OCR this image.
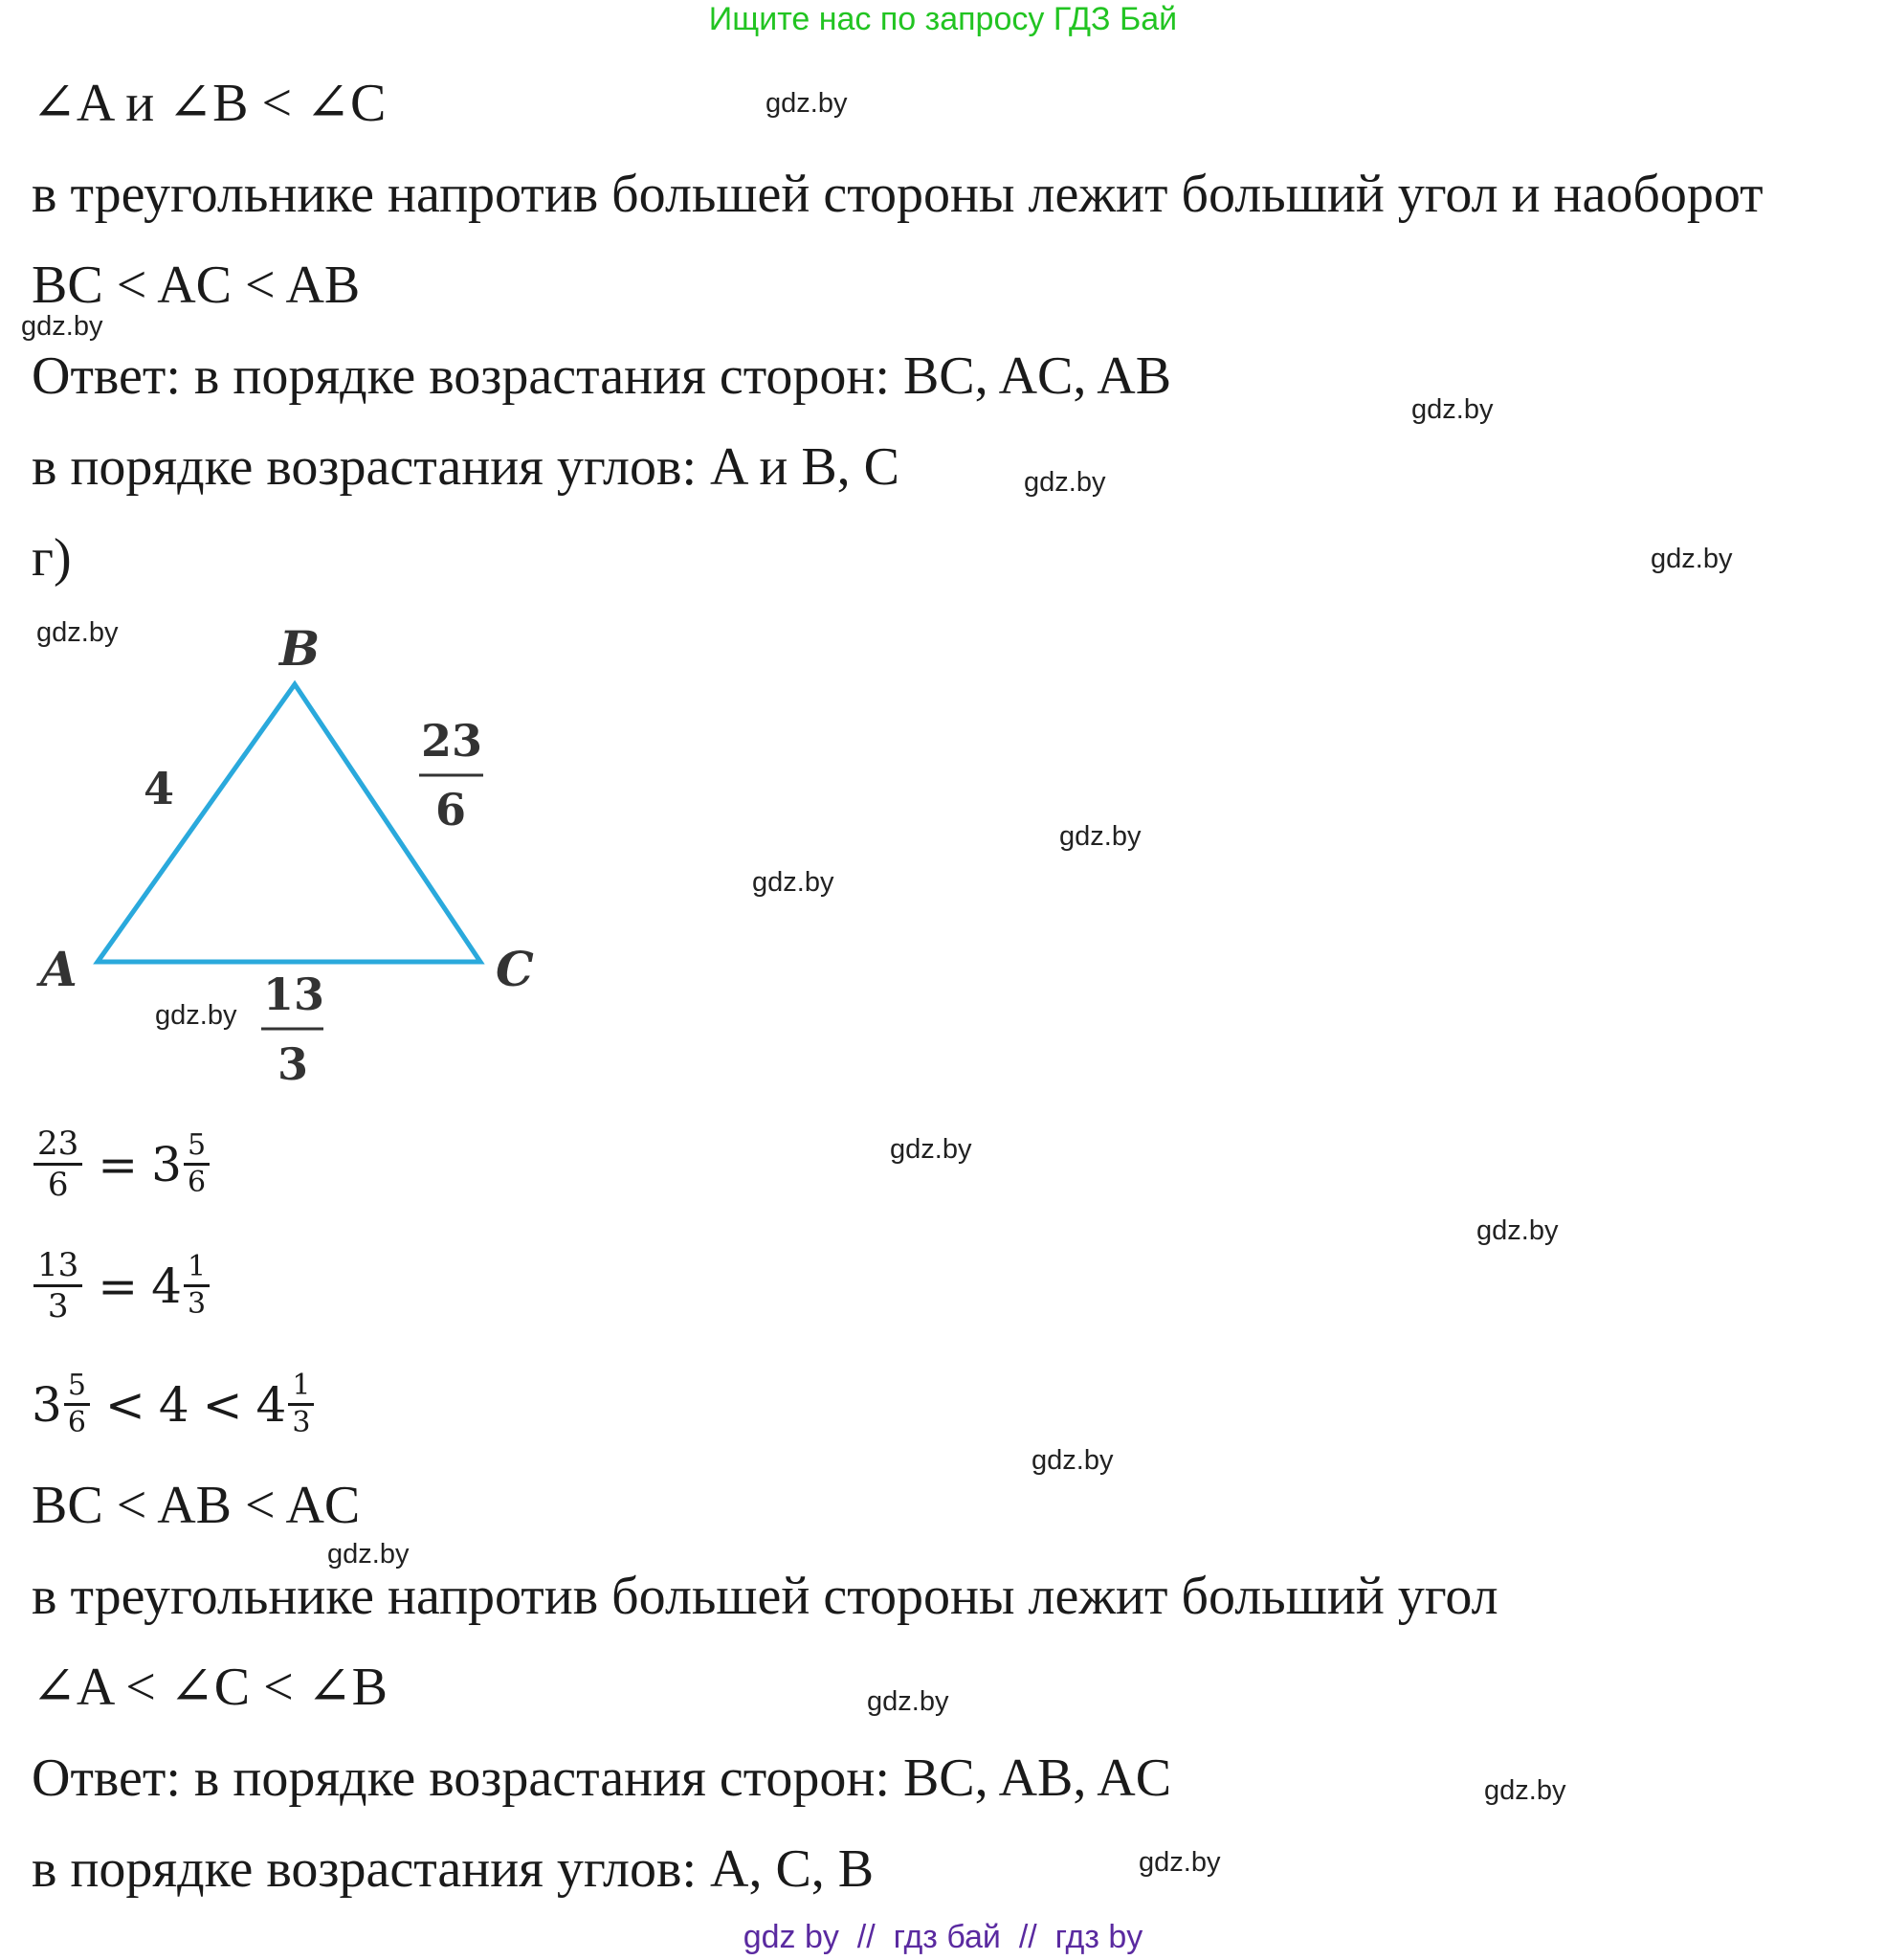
Ищите нас по запросу ГДЗ Бай
∠A и ∠B < ∠C
в треугольнике напротив большей стороны лежит больший угол и наоборот
BC < AC < AB
Ответ: в порядке возрастания сторон: BC, AC, AB
в порядке возрастания углов: A и B, C
г)
B
A	C
4
23
6
13
3
$\frac{23}{6} = 3 \frac{5}{6}$
$\frac{13}{3} = 4 \frac{1}{3}$
$3 \frac{5}{6} < 4 < 4 \frac{1}{3}$
BC < AB < AC
в треугольнике напротив большей стороны лежит больший угол
∠A < ∠C < ∠B
Ответ: в порядке возрастания сторон: BC, AB, AC
в порядке возрастания углов: A, C, B
gdz.by
gdz.by
gdz.by
gdz.by
gdz.by
gdz.by
gdz.by
gdz.by
gdz.by
gdz.by
gdz.by
gdz.by
gdz.by
gdz.by
gdz.by
gdz.by
gdz by  //  гдз бай  //  гдз by
